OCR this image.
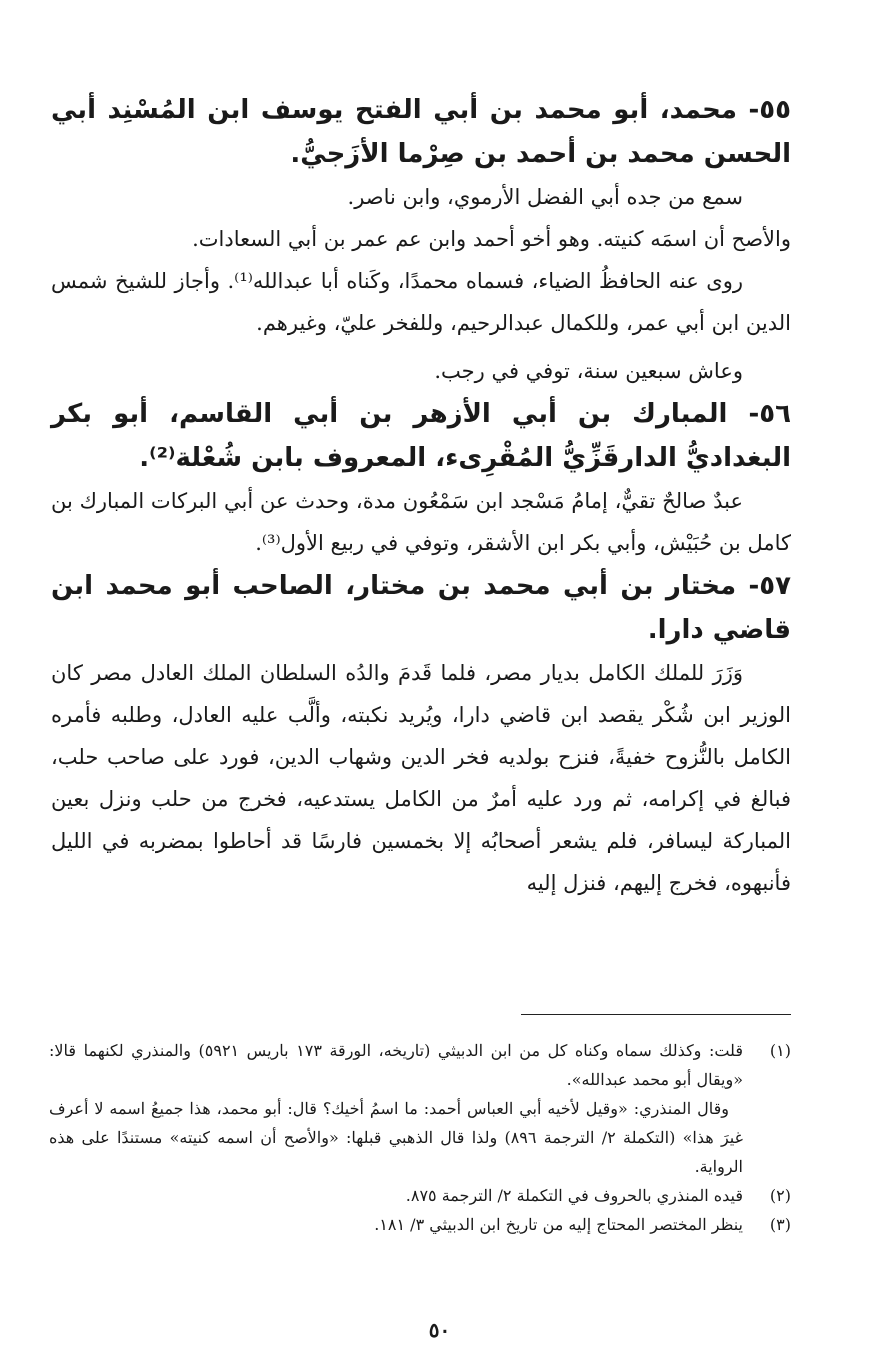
٥٥- محمد، أبو محمد بن أبي الفتح يوسف ابن المُسْنِد أبي الحسن محمد بن أحمد بن صِرْما الأزَجيُّ.

سمع من جده أبي الفضل الأرموي، وابن ناصر.

والأصح أن اسمَه كنيته. وهو أخو أحمد وابن عم عمر بن أبي السعادات.

روى عنه الحافظُ الضياء، فسماه محمدًا، وكَناه أبا عبدالله⁽¹⁾. وأجاز للشيخ شمس الدين ابن أبي عمر، وللكمال عبدالرحيم، وللفخر عليّ، وغيرهم.

وعاش سبعين سنة، توفي في رجب.

٥٦- المبارك بن أبي الأزهر بن أبي القاسم، أبو بكر البغداديُّ الدارقَزِّيُّ المُقْرِىء، المعروف بابن شُعْلة⁽²⁾.

عبدٌ صالحٌ تقيٌّ، إمامُ مَسْجد ابن سَمْعُون مدة، وحدث عن أبي البركات المبارك بن كامل بن حُبَيْش، وأبي بكر ابن الأشقر، وتوفي في ربيع الأول⁽³⁾.

٥٧- مختار بن أبي محمد بن مختار، الصاحب أبو محمد ابن قاضي دارا.

وَزَرَ للملك الكامل بديار مصر، فلما قَدمَ والدُه السلطان الملك العادل مصر كان الوزير ابن شُكْر يقصد ابن قاضي دارا، ويُريد نكبته، وألَّب عليه العادل، وطلبه فأمره الكامل بالنُّزوح خفيةً، فنزح بولديه فخر الدين وشهاب الدين، فورد على صاحب حلب، فبالغ في إكرامه، ثم ورد عليه أمرٌ من الكامل يستدعيه، فخرج من حلب ونزل بعين المباركة ليسافر، فلم يشعر أصحابُه إلا بخمسين فارسًا قد أحاطوا بمضربه في الليل فأنبهوه، فخرج إليهم، فنزل إليه

(١)
قلت: وكذلك سماه وكناه كل من ابن الدبيثي (تاريخه، الورقة ١٧٣ باريس ٥٩٢١) والمنذري لكنهما قالا: «ويقال أبو محمد عبدالله».
وقال المنذري: «وقيل لأخيه أبي العباس أحمد: ما اسمُ أخيك؟ قال: أبو محمد، هذا جميعُ اسمه لا أعرف غيرَ هذا» (التكملة ٢/ الترجمة ٨٩٦) ولذا قال الذهبي قبلها: «والأصح أن اسمه كنيته» مستندًا على هذه الرواية.
(٢)
قيده المنذري بالحروف في التكملة ٢/ الترجمة ٨٧٥.
(٣)
ينظر المختصر المحتاج إليه من تاريخ ابن الدبيثي ٣/ ١٨١.
٥٠
